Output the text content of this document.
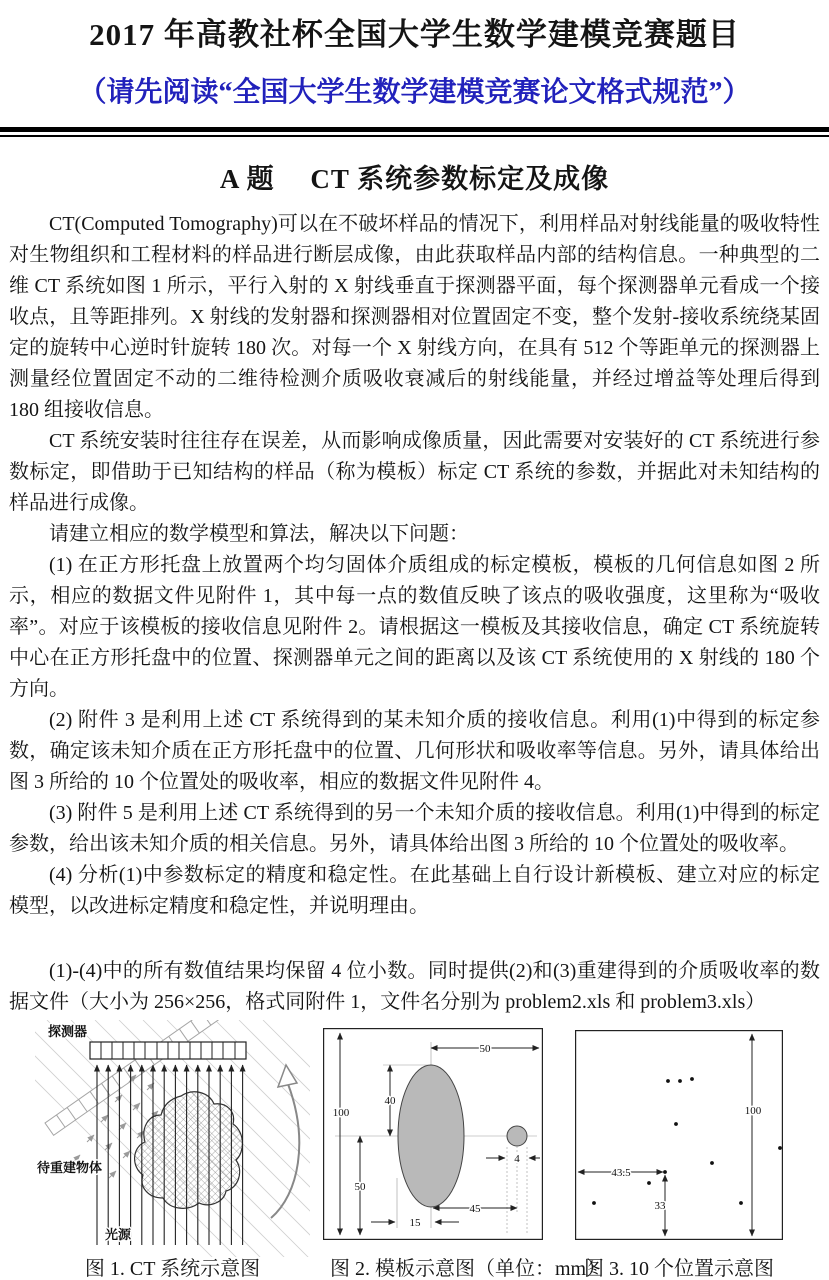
2017 年高教社杯全国大学生数学建模竞赛题目
（请先阅读“全国大学生数学建模竞赛论文格式规范”）
A 题　 CT 系统参数标定及成像

CT(Computed Tomography)可以在不破坏样品的情况下，利用样品对射线能量的吸收特性对生物组织和工程材料的样品进行断层成像，由此获取样品内部的结构信息。一种典型的二维 CT 系统如图 1 所示，平行入射的 X 射线垂直于探测器平面，每个探测器单元看成一个接收点，且等距排列。X 射线的发射器和探测器相对位置固定不变，整个发射-接收系统绕某固定的旋转中心逆时针旋转 180 次。对每一个 X 射线方向，在具有 512 个等距单元的探测器上测量经位置固定不动的二维待检测介质吸收衰减后的射线能量，并经过增益等处理后得到 180 组接收信息。

CT 系统安装时往往存在误差，从而影响成像质量，因此需要对安装好的 CT 系统进行参数标定，即借助于已知结构的样品（称为模板）标定 CT 系统的参数，并据此对未知结构的样品进行成像。

请建立相应的数学模型和算法，解决以下问题：

(1) 在正方形托盘上放置两个均匀固体介质组成的标定模板，模板的几何信息如图 2 所示，相应的数据文件见附件 1，其中每一点的数值反映了该点的吸收强度，这里称为“吸收率”。对应于该模板的接收信息见附件 2。请根据这一模板及其接收信息，确定 CT 系统旋转中心在正方形托盘中的位置、探测器单元之间的距离以及该 CT 系统使用的 X 射线的 180 个方向。

(2) 附件 3 是利用上述 CT 系统得到的某未知介质的接收信息。利用(1)中得到的标定参数，确定该未知介质在正方形托盘中的位置、几何形状和吸收率等信息。另外，请具体给出图 3 所给的 10 个位置处的吸收率，相应的数据文件见附件 4。

(3) 附件 5 是利用上述 CT 系统得到的另一个未知介质的接收信息。利用(1)中得到的标定参数，给出该未知介质的相关信息。另外，请具体给出图 3 所给的 10 个位置处的吸收率。

(4) 分析(1)中参数标定的精度和稳定性。在此基础上自行设计新模板、建立对应的标定模型，以改进标定精度和稳定性，并说明理由。

(1)-(4)中的所有数值结果均保留 4 位小数。同时提供(2)和(3)重建得到的介质吸收率的数据文件（大小为 256×256，格式同附件 1，文件名分别为 problem2.xls 和 problem3.xls）

探测器
待重建物体
光源
100
50
40
50
15
45
4
100
43.5
33
图 1. CT 系统示意图	图 2. 模板示意图（单位：mm）
图 3. 10 个位置示意图
